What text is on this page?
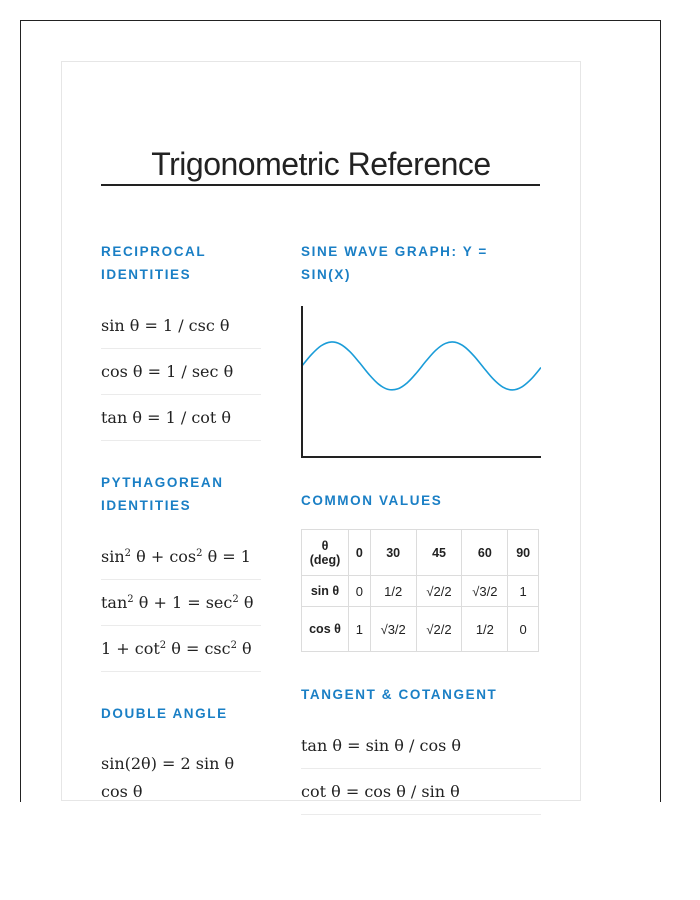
Trigonometric Reference
RECIPROCAL IDENTITIES
sin θ = 1 / csc θ
cos θ = 1 / sec θ
tan θ = 1 / cot θ
PYTHAGOREAN IDENTITIES
$\sin^2 \theta + \cos^2 \theta = 1$
$\tan^2 \theta + 1 = \sec^2 \theta$
$1 + \cot^2 \theta = \csc^2 \theta$
DOUBLE ANGLE
sin(2θ) = 2 sin θ cos θ
SINE WAVE GRAPH: Y = SIN(X)
COMMON VALUES
θ (deg)	0	30	45	60	90
sin θ	0	1/2	√2/2	√3/2	1
cos θ	1	√3/2	√2/2	1/2	0
TANGENT & COTANGENT
tan θ = sin θ / cos θ
cot θ = cos θ / sin θ
